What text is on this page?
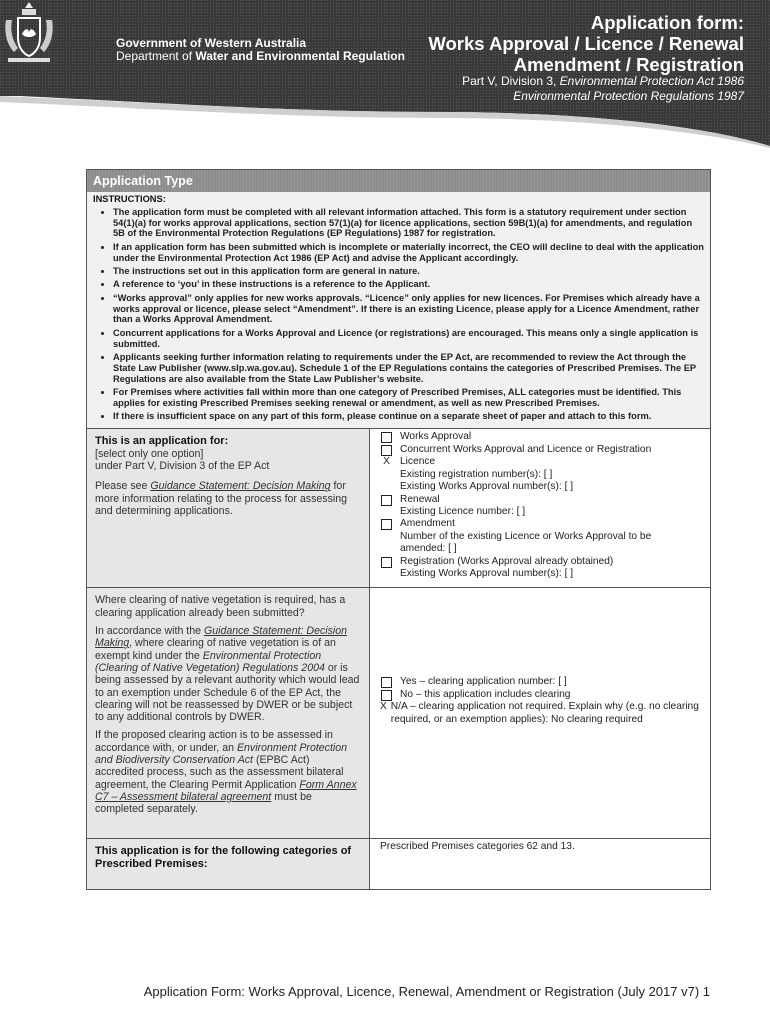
Government of Western Australia
Department of Water and Environmental Regulation
Application form:
Works Approval / Licence / Renewal
Amendment / Registration
Part V, Division 3, Environmental Protection Act 1986
Environmental Protection Regulations 1987
Application Type
INSTRUCTIONS:
• The application form must be completed with all relevant information attached. This form is a statutory requirement under section 54(1)(a) for works approval applications, section 57(1)(a) for licence applications, section 59B(1)(a) for amendments, and regulation 5B of the Environmental Protection Regulations (EP Regulations) 1987 for registration.
• If an application form has been submitted which is incomplete or materially incorrect, the CEO will decline to deal with the application under the Environmental Protection Act 1986 (EP Act) and advise the Applicant accordingly.
• The instructions set out in this application form are general in nature.
• A reference to ‘you’ in these instructions is a reference to the Applicant.
• “Works approval” only applies for new works approvals. “Licence” only applies for new licences. For Premises which already have a works approval or licence, please select “Amendment”. If there is an existing Licence, please apply for a Licence Amendment, rather than a Works Approval Amendment.
• Concurrent applications for a Works Approval and Licence (or registrations) are encouraged. This means only a single application is submitted.
• Applicants seeking further information relating to requirements under the EP Act, are recommended to review the Act through the State Law Publisher (www.slp.wa.gov.au). Schedule 1 of the EP Regulations contains the categories of Prescribed Premises. The EP Regulations are also available from the State Law Publisher’s website.
• For Premises where activities fall within more than one category of Prescribed Premises, ALL categories must be identified. This applies for existing Prescribed Premises seeking renewal or amendment, as well as new Prescribed Premises.
• If there is insufficient space on any part of this form, please continue on a separate sheet of paper and attach to this form.
This is an application for:
[select only one option]
under Part V, Division 3 of the EP Act

Please see Guidance Statement: Decision Making for more information relating to the process for assessing and determining applications.

Works Approval
Concurrent Works Approval and Licence or Registration
X Licence
Existing registration number(s): [ ]
Existing Works Approval number(s): [ ]
Renewal
Existing Licence number: [ ]
Amendment
Number of the existing Licence or Works Approval to be
amended: [ ]
Registration (Works Approval already obtained)
Existing Works Approval number(s): [ ]

Where clearing of native vegetation is required, has a clearing application already been submitted?

In accordance with the Guidance Statement: Decision Making, where clearing of native vegetation is of an exempt kind under the Environmental Protection (Clearing of Native Vegetation) Regulations 2004 or is being assessed by a relevant authority which would lead to an exemption under Schedule 6 of the EP Act, the clearing will not be reassessed by DWER or be subject to any additional controls by DWER.

If the proposed clearing action is to be assessed in accordance with, or under, an Environment Protection and Biodiversity Conservation Act (EPBC Act) accredited process, such as the assessment bilateral agreement, the Clearing Permit Application Form Annex C7 – Assessment bilateral agreement must be completed separately.

Yes – clearing application number: [ ]
No – this application includes clearing
X N/A – clearing application not required. Explain why (e.g. no clearing required, or an exemption applies): No clearing required
This application is for the following categories of Prescribed Premises:
Prescribed Premises categories 62 and 13.
Application Form: Works Approval, Licence, Renewal, Amendment or Registration (July 2017 v7) 1
